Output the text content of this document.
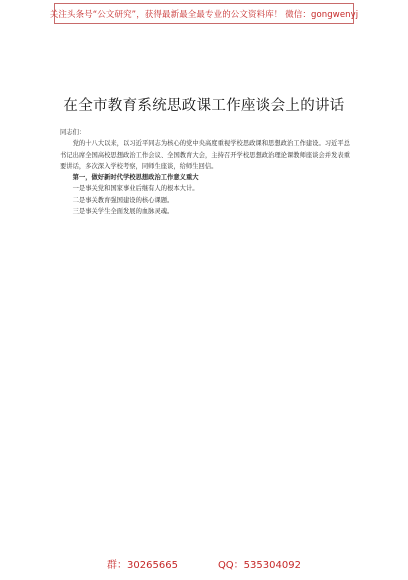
关注头条号“公文研究”，获得最新最全最专业的公文资料库！ 微信：gongwenyj
在全市教育系统思政课工作座谈会上的讲话

同志们：

党的十八大以来，以习近平同志为核心的党中央高度重视学校思政课和思想政治工作建设。习近平总书记出席全国高校思想政治工作会议、全国教育大会，主持召开学校思想政治理论课教师座谈会并发表重要讲话，多次深入学校考察，同师生座谈，给师生回信。

第一，做好新时代学校思想政治工作意义重大

一是事关党和国家事业后继有人的根本大计。

二是事关教育强国建设的核心课题。

三是事关学生全面发展的血脉灵魂。

群：30265665	QQ：535304092
